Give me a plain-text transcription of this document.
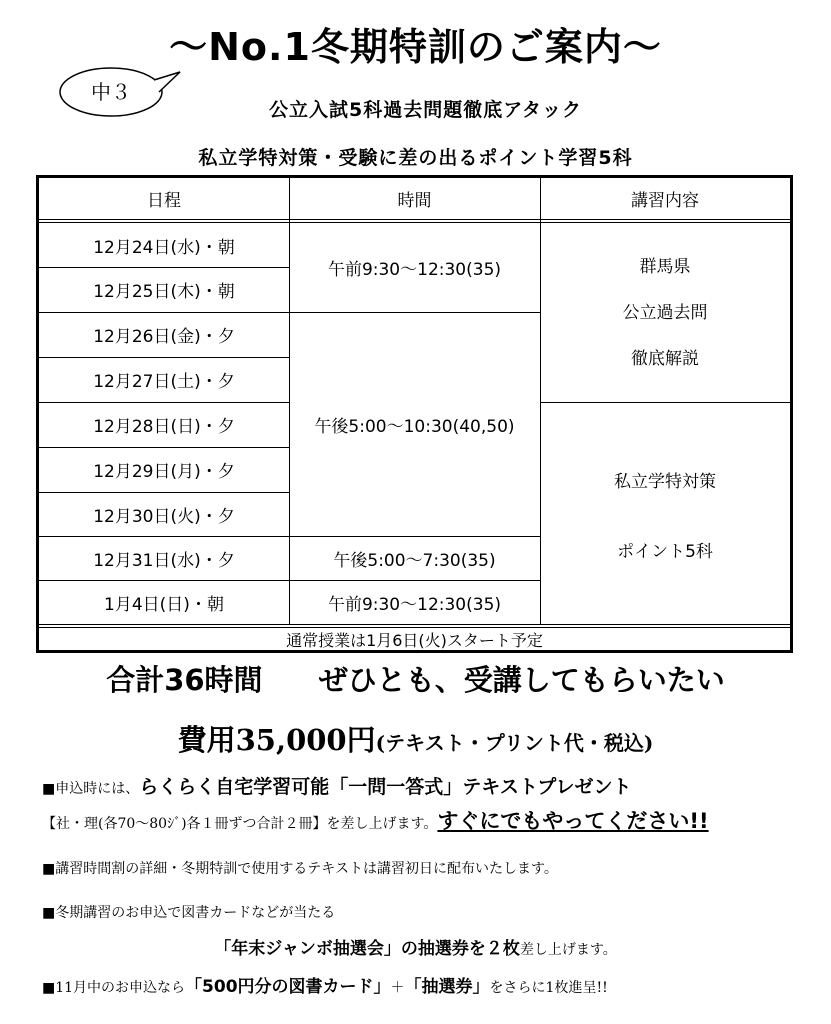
〜No.1冬期特訓のご案内〜
中３
公立入試5科過去問題徹底アタック
私立学特対策・受験に差の出るポイント学習5科
日程	時間	講習内容
12月24日(水)・朝
12月25日(木)・朝
12月26日(金)・夕
12月27日(土)・夕
12月28日(日)・夕
12月29日(月)・夕
12月30日(火)・夕
12月31日(水)・夕
1月4日(日)・朝
午前9:30〜12:30(35)
午後5:00〜10:30(40,50)
午後5:00〜7:30(35)
午前9:30〜12:30(35)
群馬県
公立過去問
徹底解説
私立学特対策
ポイント5科
通常授業は1月6日(火)スタート予定
合計36時間 ぜひとも、受講してもらいたい
費用35,000円(テキスト・プリント代・税込)
■申込時には、らくらく自宅学習可能「一問一答式」テキストプレゼント
【社・理(各70〜80ｼﾞ)各１冊ずつ合計２冊】を差し上げます。すぐにでもやってください!!
■講習時間割の詳細・冬期特訓で使用するテキストは講習初日に配布いたします。
■冬期講習のお申込で図書カードなどが当たる
「年末ジャンボ抽選会」の抽選券を２枚差し上げます。
■11月中のお申込なら「500円分の図書カード」＋「抽選券」をさらに1枚進呈!!
